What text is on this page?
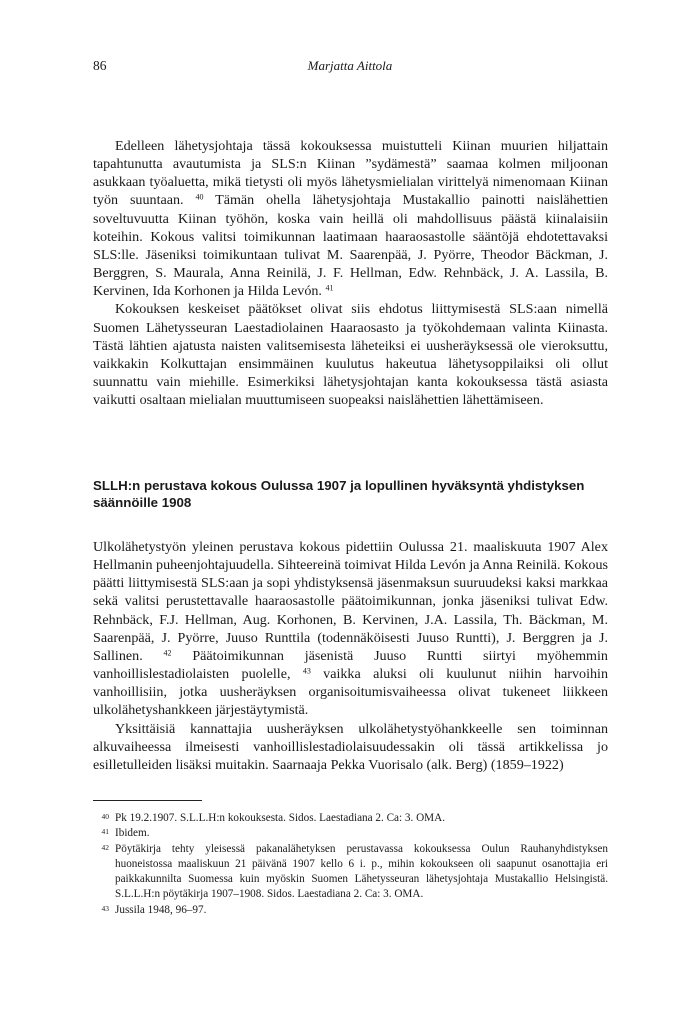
86	Marjatta Aittola

Edelleen lähetysjohtaja tässä kokouksessa muistutteli Kiinan muurien hiljattain tapahtunutta avautumista ja SLS:n Kiinan ”sydämestä” saamaa kolmen miljoonan asukkaan työaluetta, mikä tietysti oli myös lähetysmielialan virittelyä nimenomaan Kiinan työn suuntaan. $^{40}$ Tämän ohella lähetysjohtaja Mustakallio painotti naislähettien soveltuvuutta Kiinan työhön, koska vain heillä oli mahdollisuus päästä kiinalaisiin koteihin. Kokous valitsi toimikunnan laatimaan haaraosastolle sääntöjä ehdotettavaksi SLS:lle. Jäseniksi toimikuntaan tulivat M. Saarenpää, J. Pyörre, Theodor Bäckman, J. Berggren, S. Maurala, Anna Reinilä, J. F. Hellman, Edw. Rehnbäck, J. A. Lassila, B. Kervinen, Ida Korhonen ja Hilda Levón. $^{41}$

Kokouksen keskeiset päätökset olivat siis ehdotus liittymisestä SLS:aan nimellä Suomen Lähetysseuran Laestadiolainen Haaraosasto ja työkohdemaan valinta Kiinasta. Tästä lähtien ajatusta naisten valitsemisesta läheteiksi ei uusheräyksessä ole vieroksuttu, vaikkakin Kolkuttajan ensimmäinen kuulutus hakeutua lähetysoppilaiksi oli ollut suunnattu vain miehille. Esimerkiksi lähetysjohtajan kanta kokouksessa tästä asiasta vaikutti osaltaan mielialan muuttumiseen suopeaksi naislähettien lähettämiseen.

SLLH:n perustava kokous Oulussa 1907 ja lopullinen hyväksyntä yhdistyksen säännöille 1908

Ulkolähetystyön yleinen perustava kokous pidettiin Oulussa 21. maaliskuuta 1907 Alex Hellmanin puheenjohtajuudella. Sihteereinä toimivat Hilda Levón ja Anna Reinilä. Kokous päätti liittymisestä SLS:aan ja sopi yhdistyksensä jäsenmaksun suuruudeksi kaksi markkaa sekä valitsi perustettavalle haaraosastolle päätoimikunnan, jonka jäseniksi tulivat Edw. Rehnbäck, F.J. Hellman, Aug. Korhonen, B. Kervinen, J.A. Lassila, Th. Bäckman, M. Saarenpää, J. Pyörre, Juuso Runttila (todennäköisesti Juuso Runtti), J. Berggren ja J. Sallinen. $^{42}$ Päätoimikunnan jäsenistä Juuso Runtti siirtyi myöhemmin vanhoillislestadiolaisten puolelle, $^{43}$ vaikka aluksi oli kuulunut niihin harvoihin vanhoillisiin, jotka uusheräyksen organisoitumisvaiheessa olivat tukeneet liikkeen ulkolähetyshankkeen järjestäytymistä.

Yksittäisiä kannattajia uusheräyksen ulkolähetystyöhankkeelle sen toiminnan alkuvaiheessa ilmeisesti vanhoillislestadiolaisuudessakin oli tässä artikkelissa jo esilletulleiden lisäksi muitakin. Saarnaaja Pekka Vuorisalo (alk. Berg) (1859–1922)

40 Pk 19.2.1907. S.L.L.H:n kokouksesta. Sidos. Laestadiana 2. Ca: 3. OMA.
41 Ibidem.
42 Pöytäkirja tehty yleisessä pakanalähetyksen perustavassa kokouksessa Oulun Rauhanyhdistyksen huoneistossa maaliskuun 21 päivänä 1907 kello 6 i. p., mihin kokoukseen oli saapunut osanottajia eri paikkakunnilta Suomessa kuin myöskin Suomen Lähetysseuran lähetysjohtaja Mustakallio Helsingistä. S.L.L.H:n pöytäkirja 1907–1908. Sidos. Laestadiana 2. Ca: 3. OMA.
43 Jussila 1948, 96–97.
